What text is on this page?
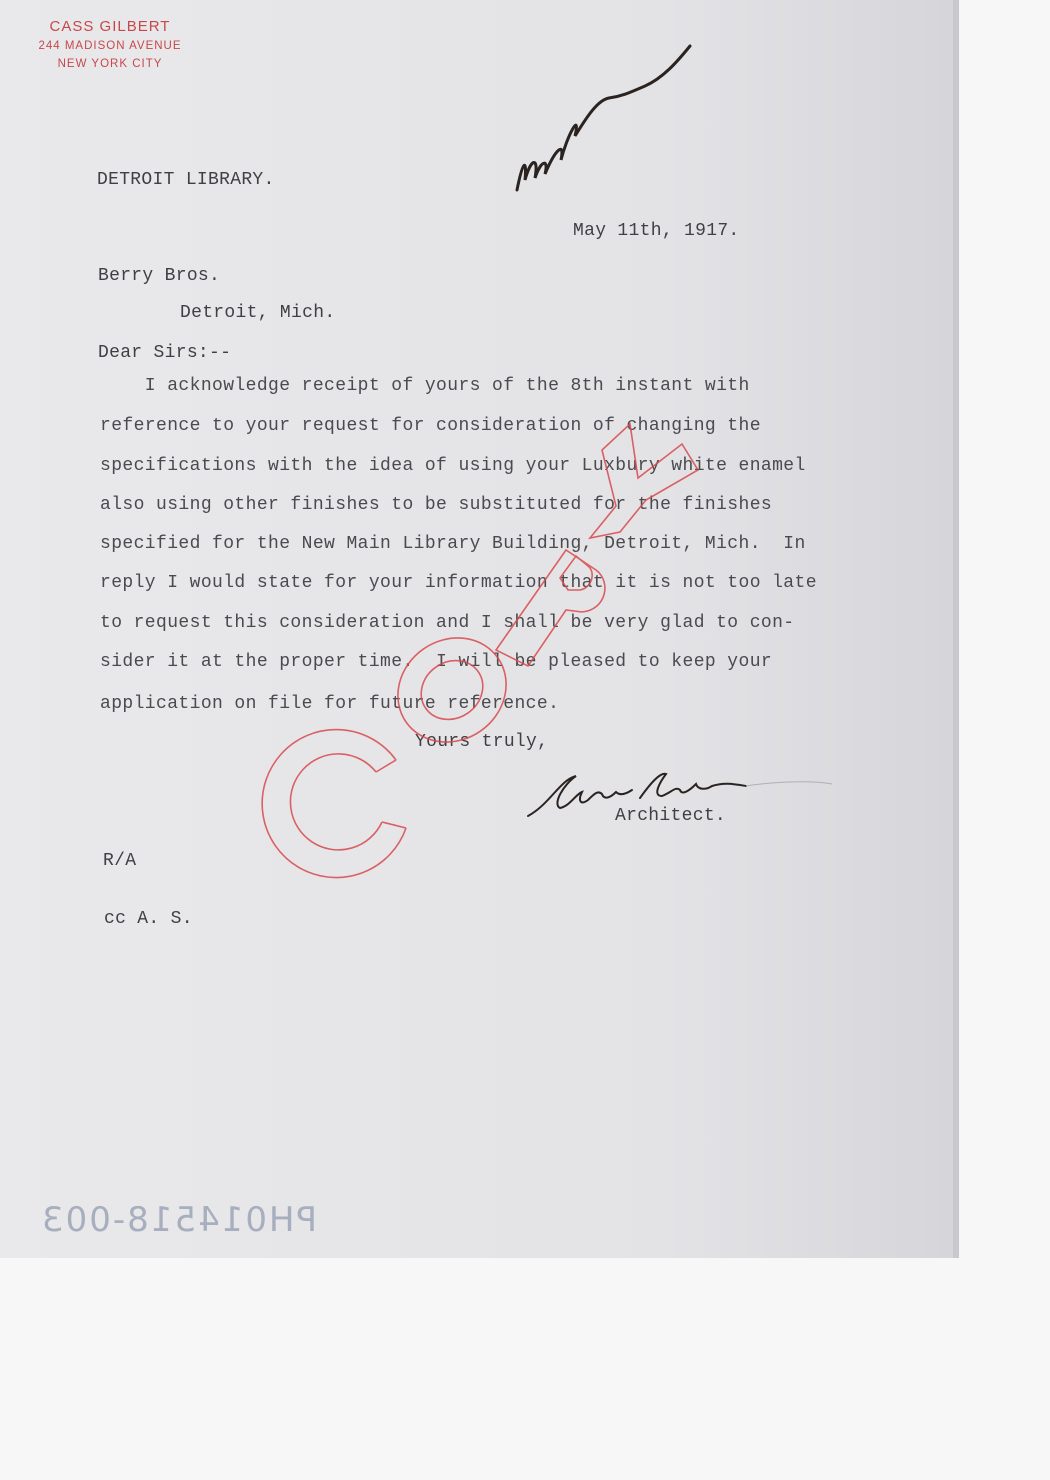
CASS GILBERT
244 MADISON AVENUE
NEW YORK CITY
DETROIT LIBRARY.
May 11th, 1917.
Berry Bros.
Detroit, Mich.
Dear Sirs:--
I acknowledge receipt of yours of the 8th instant with
reference to your request for consideration of changing the
specifications with the idea of using your Luxbury white enamel
also using other finishes to be substituted for the finishes
specified for the New Main Library Building, Detroit, Mich.  In
reply I would state for your information that it is not too late
to request this consideration and I shall be very glad to con-
sider it at the proper time.  I will be pleased to keep your
application on file for future reference.
Yours truly,
Architect.
R/A
cc A. S.
PH014518-003
